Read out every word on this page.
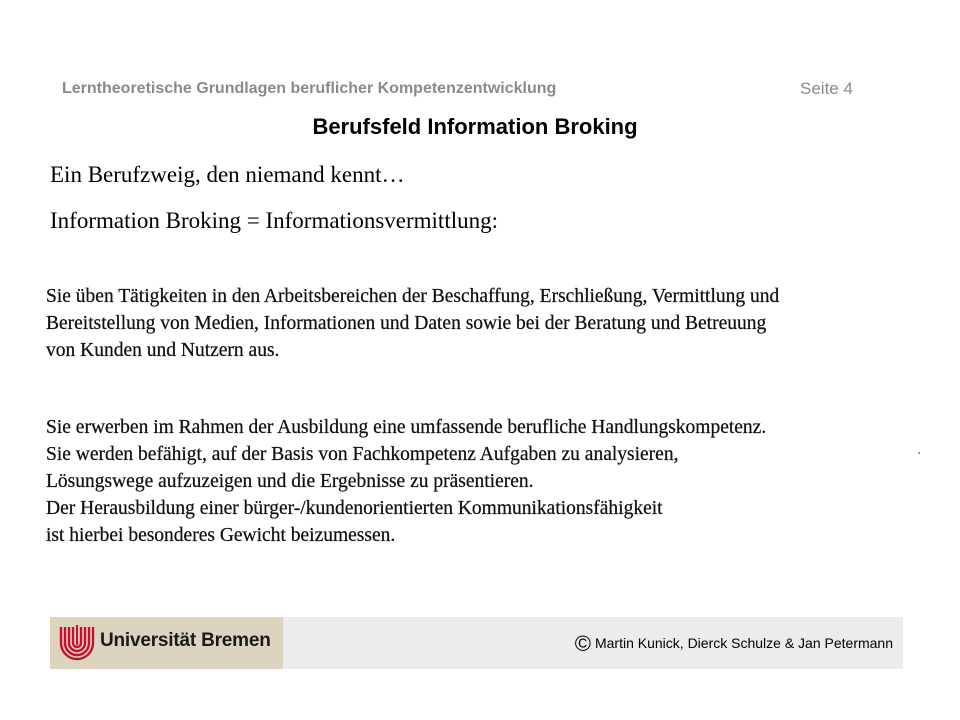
Lerntheoretische Grundlagen beruflicher Kompetenzentwicklung	Seite 4
Berufsfeld Information Broking
Ein Berufzweig, den niemand kennt…
Information Broking = Informationsvermittlung:
Sie üben Tätigkeiten in den Arbeitsbereichen der Beschaffung, Erschließung, Vermittlung und
Bereitstellung von Medien, Informationen und Daten sowie bei der Beratung und Betreuung
von Kunden und Nutzern aus.
Sie erwerben im Rahmen der Ausbildung eine umfassende berufliche Handlungskompetenz.
Sie werden befähigt, auf der Basis von Fachkompetenz Aufgaben zu analysieren,
Lösungswege aufzuzeigen und die Ergebnisse zu präsentieren.
Der Herausbildung einer bürger-/kundenorientierten Kommunikationsfähigkeit
ist hierbei besonderes Gewicht beizumessen.
Universität Bremen	© Martin Kunick, Dierck Schulze & Jan Petermann
